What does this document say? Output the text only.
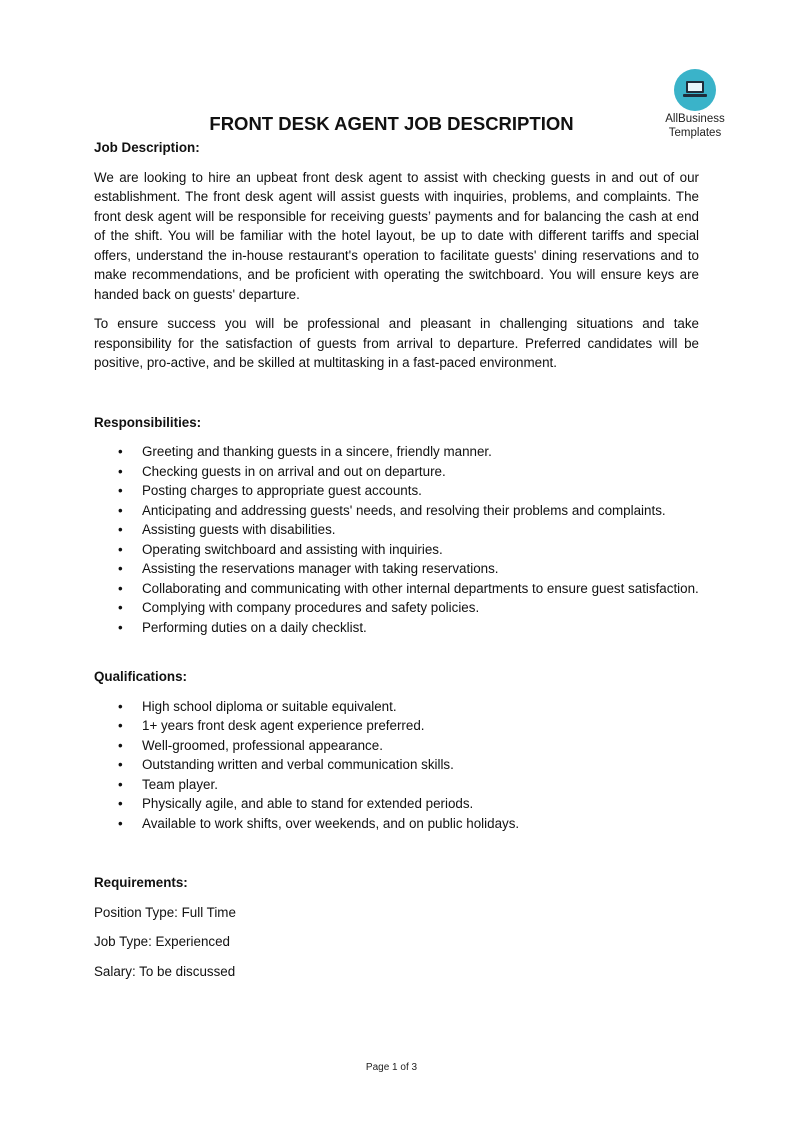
AllBusiness
Templates
FRONT DESK AGENT JOB DESCRIPTION

Job Description:

We are looking to hire an upbeat front desk agent to assist with checking guests in and out of our establishment. The front desk agent will assist guests with inquiries, problems, and complaints. The front desk agent will be responsible for receiving guests’ payments and for balancing the cash at end of the shift. You will be familiar with the hotel layout, be up to date with different tariffs and special offers, understand the in-house restaurant's operation to facilitate guests' dining reservations and to make recommendations, and be proficient with operating the switchboard. You will ensure keys are handed back on guests' departure.

To ensure success you will be professional and pleasant in challenging situations and take responsibility for the satisfaction of guests from arrival to departure. Preferred candidates will be positive, pro-active, and be skilled at multitasking in a fast-paced environment.

Responsibilities:

• Greeting and thanking guests in a sincere, friendly manner.
• Checking guests in on arrival and out on departure.
• Posting charges to appropriate guest accounts.
• Anticipating and addressing guests' needs, and resolving their problems and complaints.
• Assisting guests with disabilities.
• Operating switchboard and assisting with inquiries.
• Assisting the reservations manager with taking reservations.
• Collaborating and communicating with other internal departments to ensure guest satisfaction.
• Complying with company procedures and safety policies.
• Performing duties on a daily checklist.

Qualifications:

• High school diploma or suitable equivalent.
• 1+ years front desk agent experience preferred.
• Well-groomed, professional appearance.
• Outstanding written and verbal communication skills.
• Team player.
• Physically agile, and able to stand for extended periods.
• Available to work shifts, over weekends, and on public holidays.

Requirements:

Position Type: Full Time

Job Type: Experienced

Salary: To be discussed

Page 1 of 3
